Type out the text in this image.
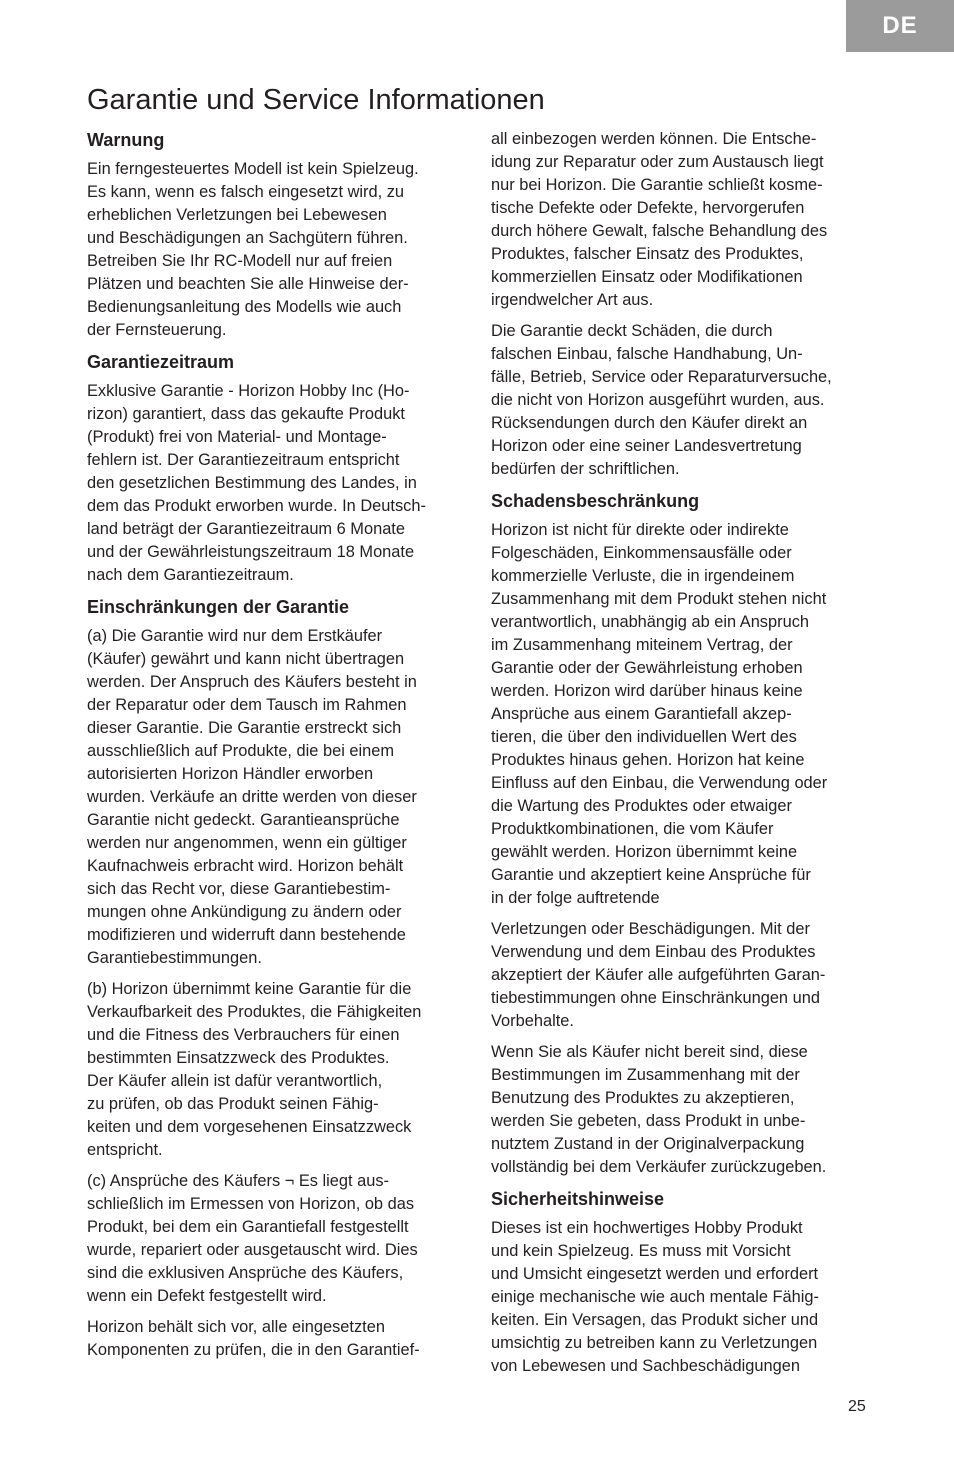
DE
Garantie und Service Informationen
Warnung

Ein ferngesteuertes Modell ist kein Spielzeug.
Es kann, wenn es falsch eingesetzt wird, zu
erheblichen Verletzungen bei Lebewesen
und Beschädigungen an Sachgütern führen.
Betreiben Sie Ihr RC-Modell nur auf freien
Plätzen und beachten Sie alle Hinweise der-
Bedienungsanleitung des Modells wie auch
der Fernsteuerung.

Garantiezeitraum

Exklusive Garantie - Horizon Hobby Inc (Ho-
rizon) garantiert, dass das gekaufte Produkt
(Produkt) frei von Material- und Montage-
fehlern ist. Der Garantiezeitraum entspricht
den gesetzlichen Bestimmung des Landes, in
dem das Produkt erworben wurde. In Deutsch-
land beträgt der Garantiezeitraum 6 Monate
und der Gewährleistungszeitraum 18 Monate
nach dem Garantiezeitraum.

Einschränkungen der Garantie

(a) Die Garantie wird nur dem Erstkäufer
(Käufer) gewährt und kann nicht übertragen
werden. Der Anspruch des Käufers besteht in
der Reparatur oder dem Tausch im Rahmen
dieser Garantie. Die Garantie erstreckt sich
ausschließlich auf Produkte, die bei einem
autorisierten Horizon Händler erworben
wurden. Verkäufe an dritte werden von dieser
Garantie nicht gedeckt. Garantieansprüche
werden nur angenommen, wenn ein gültiger
Kaufnachweis erbracht wird. Horizon behält
sich das Recht vor, diese Garantiebestim-
mungen ohne Ankündigung zu ändern oder
modifizieren und widerruft dann bestehende
Garantiebestimmungen.

(b) Horizon übernimmt keine Garantie für die
Verkaufbarkeit des Produktes, die Fähigkeiten
und die Fitness des Verbrauchers für einen
bestimmten Einsatzzweck des Produktes.
Der Käufer allein ist dafür verantwortlich,
zu prüfen, ob das Produkt seinen Fähig-
keiten und dem vorgesehenen Einsatzzweck
entspricht.

(c) Ansprüche des Käufers ¬ Es liegt aus-
schließlich im Ermessen von Horizon, ob das
Produkt, bei dem ein Garantiefall festgestellt
wurde, repariert oder ausgetauscht wird. Dies
sind die exklusiven Ansprüche des Käufers,
wenn ein Defekt festgestellt wird.

Horizon behält sich vor, alle eingesetzten
Komponenten zu prüfen, die in den Garantief-

all einbezogen werden können. Die Entsche-
idung zur Reparatur oder zum Austausch liegt
nur bei Horizon. Die Garantie schließt kosme-
tische Defekte oder Defekte, hervorgerufen
durch höhere Gewalt, falsche Behandlung des
Produktes, falscher Einsatz des Produktes,
kommerziellen Einsatz oder Modifikationen
irgendwelcher Art aus.

Die Garantie deckt Schäden, die durch
falschen Einbau, falsche Handhabung, Un-
fälle, Betrieb, Service oder Reparaturversuche,
die nicht von Horizon ausgeführt wurden, aus.
Rücksendungen durch den Käufer direkt an
Horizon oder eine seiner Landesvertretung
bedürfen der schriftlichen.

Schadensbeschränkung

Horizon ist nicht für direkte oder indirekte
Folgeschäden, Einkommensausfälle oder
kommerzielle Verluste, die in irgendeinem
Zusammenhang mit dem Produkt stehen nicht
verantwortlich, unabhängig ab ein Anspruch
im Zusammenhang miteinem Vertrag, der
Garantie oder der Gewährleistung erhoben
werden. Horizon wird darüber hinaus keine
Ansprüche aus einem Garantiefall akzep-
tieren, die über den individuellen Wert des
Produktes hinaus gehen. Horizon hat keine
Einfluss auf den Einbau, die Verwendung oder
die Wartung des Produktes oder etwaiger
Produktkombinationen, die vom Käufer
gewählt werden. Horizon übernimmt keine
Garantie und akzeptiert keine Ansprüche für
in der folge auftretende

Verletzungen oder Beschädigungen. Mit der
Verwendung und dem Einbau des Produktes
akzeptiert der Käufer alle aufgeführten Garan-
tiebestimmungen ohne Einschränkungen und
Vorbehalte.

Wenn Sie als Käufer nicht bereit sind, diese
Bestimmungen im Zusammenhang mit der
Benutzung des Produktes zu akzeptieren,
werden Sie gebeten, dass Produkt in unbe-
nutztem Zustand in der Originalverpackung
vollständig bei dem Verkäufer zurückzugeben.

Sicherheitshinweise

Dieses ist ein hochwertiges Hobby Produkt
und kein Spielzeug. Es muss mit Vorsicht
und Umsicht eingesetzt werden und erfordert
einige mechanische wie auch mentale Fähig-
keiten. Ein Versagen, das Produkt sicher und
umsichtig zu betreiben kann zu Verletzungen
von Lebewesen und Sachbeschädigungen

25
